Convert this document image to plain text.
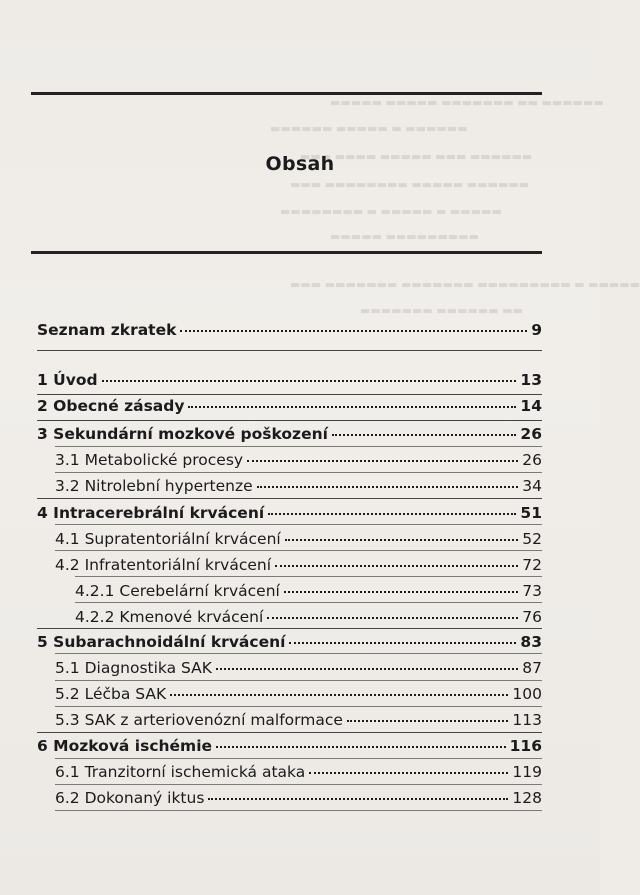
▬▬▬▬▬▬ ▬▬ ▬▬▬▬▬▬▬ ▬▬▬▬▬ ▬▬▬▬▬
▬▬▬▬▬▬ ▬ ▬▬▬▬▬ ▬▬▬▬▬▬
▬▬▬▬▬▬ ▬▬▬ ▬▬▬▬▬ ▬▬▬▬ ▬▬▬
▬▬▬▬▬▬ ▬▬▬▬▬ ▬▬▬▬▬▬▬▬ ▬▬▬
▬▬▬▬▬ ▬ ▬▬▬▬▬ ▬ ▬▬▬▬▬▬▬▬
▬▬▬▬▬▬▬▬▬ ▬▬▬▬▬
▬▬▬▬▬ ▬ ▬▬▬▬▬▬▬▬▬ ▬▬▬▬▬▬▬ ▬▬▬▬▬▬▬ ▬▬▬
▬▬ ▬▬▬▬▬▬ ▬▬▬▬▬▬▬
Obsah
Seznam zkratek	9
1 Úvod	13
2 Obecné zásady	14
3 Sekundární mozkové poškození	26
3.1 Metabolické procesy	26
3.2 Nitrolební hypertenze	34
4 Intracerebrální krvácení	51
4.1 Supratentoriální krvácení	52
4.2 Infratentoriální krvácení	72
4.2.1 Cerebelární krvácení	73
4.2.2 Kmenové krvácení	76
5 Subarachnoidální krvácení	83
5.1 Diagnostika SAK	87
5.2 Léčba SAK	100
5.3 SAK z arteriovenózní malformace	113
6 Mozková ischémie	116
6.1 Tranzitorní ischemická ataka	119
6.2 Dokonaný iktus	128
